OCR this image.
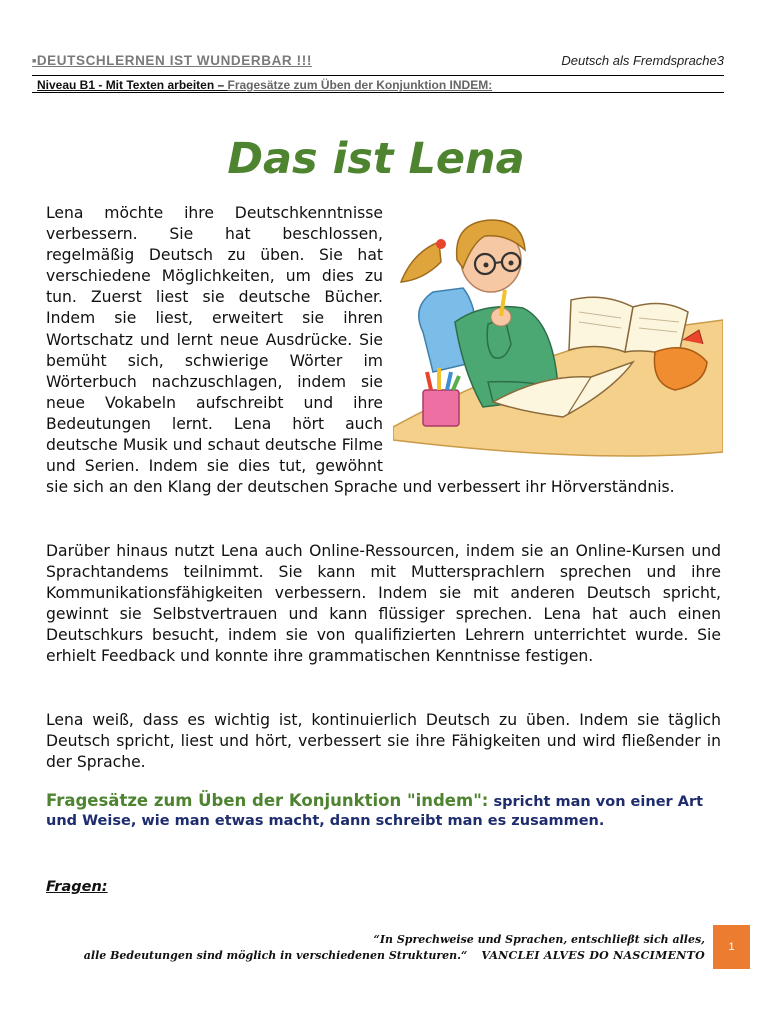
■DEUTSCHLERNEN IST WUNDERBAR !!!	Deutsch als Fremdsprache3
Niveau B1 - Mit Texten arbeiten – Fragesätze zum Üben der Konjunktion INDEM:
Das ist Lena

Lena möchte ihre Deutschkenntnisse verbessern. Sie hat beschlossen, regelmäßig Deutsch zu üben. Sie hat verschiedene Möglichkeiten, um dies zu tun. Zuerst liest sie deutsche Bücher. Indem sie liest, erweitert sie ihren Wortschatz und lernt neue Ausdrücke. Sie bemüht sich, schwierige Wörter im Wörterbuch nachzuschlagen, indem sie neue Vokabeln aufschreibt und ihre Bedeutungen lernt. Lena hört auch deutsche Musik und schaut deutsche Filme und Serien. Indem sie dies tut, gewöhnt sie sich an den Klang der deutschen Sprache und verbessert ihr Hörverständnis.

Darüber hinaus nutzt Lena auch Online-Ressourcen, indem sie an Online-Kursen und Sprachtandems teilnimmt. Sie kann mit Muttersprachlern sprechen und ihre Kommunikationsfähigkeiten verbessern. Indem sie mit anderen Deutsch spricht, gewinnt sie Selbstvertrauen und kann flüssiger sprechen. Lena hat auch einen Deutschkurs besucht, indem sie von qualifizierten Lehrern unterrichtet wurde. Sie erhielt Feedback und konnte ihre grammatischen Kenntnisse festigen.

Lena weiß, dass es wichtig ist, kontinuierlich Deutsch zu üben. Indem sie täglich Deutsch spricht, liest und hört, verbessert sie ihre Fähigkeiten und wird fließender in der Sprache.

Fragesätze zum Üben der Konjunktion "indem": spricht man von einer Art und Weise, wie man etwas macht, dann schreibt man es zusammen.

Fragen:

“In Sprechweise und Sprachen, entschlieβt sich alles,
alle Bedeutungen sind möglich in verschiedenen Strukturen.“ VANCLEI ALVES DO NASCIMENTO
1
